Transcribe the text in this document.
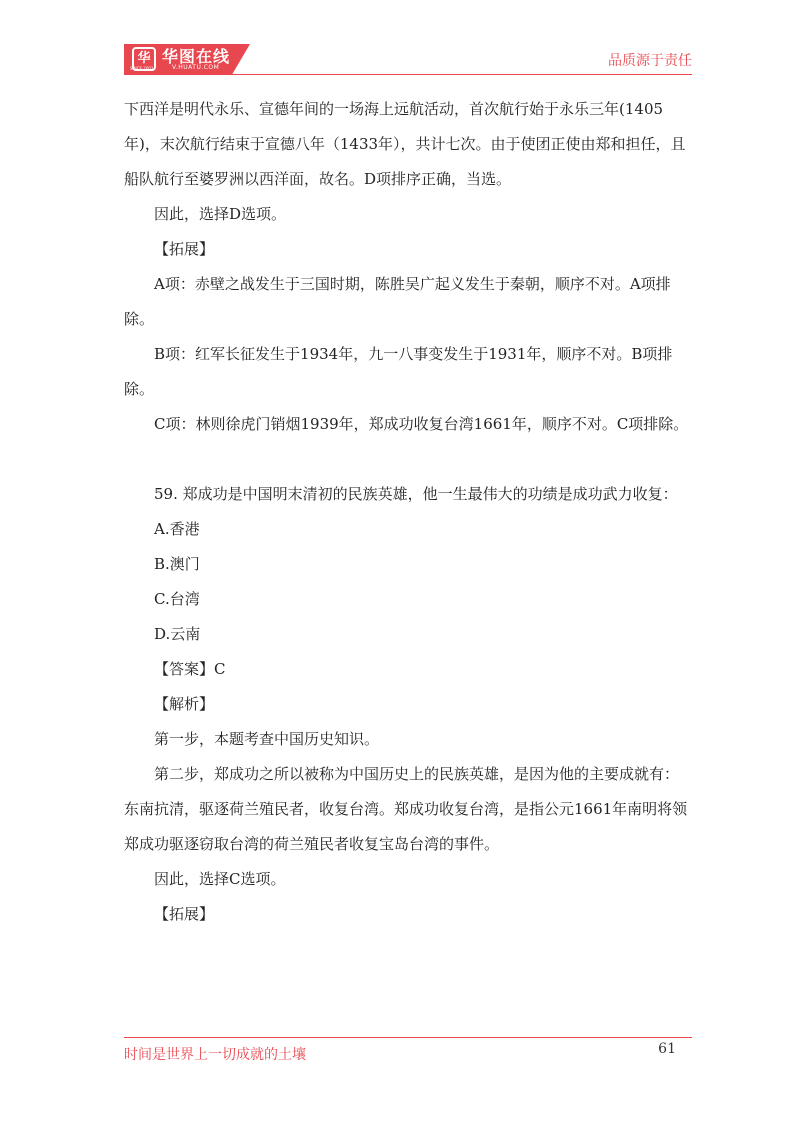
华 华图在线
V.HUATU.COM
SINCE 2001	品质源于责任

下西洋是明代永乐、宣德年间的一场海上远航活动，首次航行始于永乐三年(1405年)，末次航行结束于宣德八年（1433年），共计七次。由于使团正使由郑和担任，且船队航行至婆罗洲以西洋面，故名。D项排序正确，当选。

因此，选择D选项。

【拓展】

A项：赤壁之战发生于三国时期，陈胜吴广起义发生于秦朝，顺序不对。A项排除。

B项：红军长征发生于1934年，九一八事变发生于1931年，顺序不对。B项排除。

C项：林则徐虎门销烟1939年，郑成功收复台湾1661年，顺序不对。C项排除。

59. 郑成功是中国明末清初的民族英雄，他一生最伟大的功绩是成功武力收复：

A.香港

B.澳门

C.台湾

D.云南

【答案】C

【解析】

第一步，本题考查中国历史知识。

第二步，郑成功之所以被称为中国历史上的民族英雄，是因为他的主要成就有：东南抗清，驱逐荷兰殖民者，收复台湾。郑成功收复台湾，是指公元1661年南明将领郑成功驱逐窃取台湾的荷兰殖民者收复宝岛台湾的事件。

因此，选择C选项。

【拓展】

时间是世界上一切成就的土壤	61
